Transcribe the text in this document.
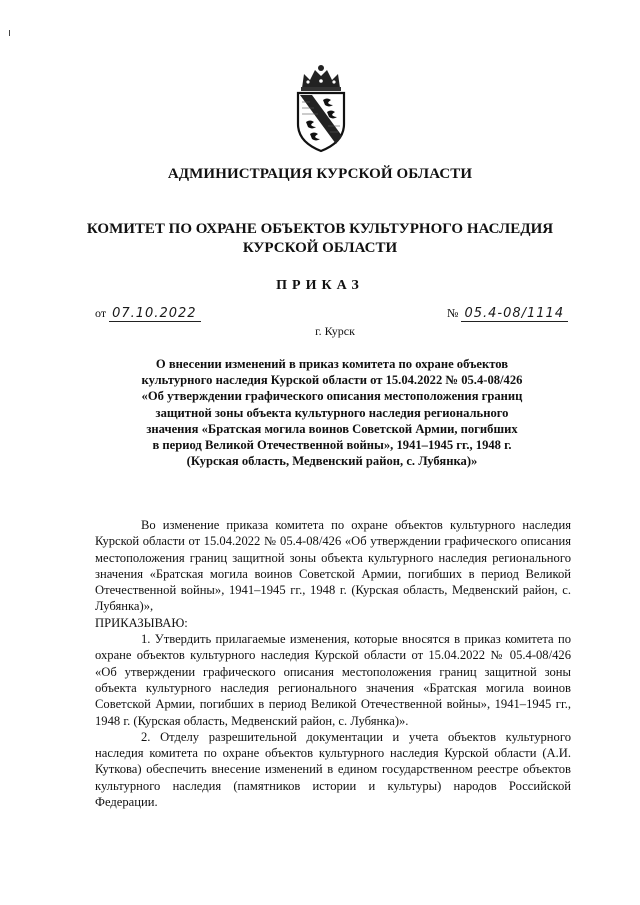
АДМИНИСТРАЦИЯ КУРСКОЙ ОБЛАСТИ
КОМИТЕТ ПО ОХРАНЕ ОБЪЕКТОВ КУЛЬТУРНОГО НАСЛЕДИЯ
КУРСКОЙ ОБЛАСТИ
ПРИКАЗ
от 07.10.2022	№ 05.4-08/1114
г. Курск
О внесении изменений в приказ комитета по охране объектов
культурного наследия Курской области от 15.04.2022 № 05.4-08/426
«Об утверждении графического описания местоположения границ
защитной зоны объекта культурного наследия регионального
значения «Братская могила воинов Советской Армии, погибших
в период Великой Отечественной войны», 1941–1945 гг., 1948 г.
(Курская область, Медвенский район, с. Лубянка)»

Во изменение приказа комитета по охране объектов культурного наследия Курской области от 15.04.2022 № 05.4-08/426 «Об утверждении графического описания местоположения границ защитной зоны объекта культурного наследия регионального значения «Братская могила воинов Советской Армии, погибших в период Великой Отечественной войны», 1941–1945 гг., 1948 г. (Курская область, Медвенский район, с. Лубянка)»,

ПРИКАЗЫВАЮ:

1. Утвердить прилагаемые изменения, которые вносятся в приказ комитета по охране объектов культурного наследия Курской области от 15.04.2022 № 05.4-08/426 «Об утверждении графического описания местоположения границ защитной зоны объекта культурного наследия регионального значения «Братская могила воинов Советской Армии, погибших в период Великой Отечественной войны», 1941–1945 гг., 1948 г. (Курская область, Медвенский район, с. Лубянка)».

2. Отделу разрешительной документации и учета объектов культурного наследия комитета по охране объектов культурного наследия Курской области (А.И. Куткова) обеспечить внесение изменений в едином государственном реестре объектов культурного наследия (памятников истории и культуры) народов Российской Федерации.
